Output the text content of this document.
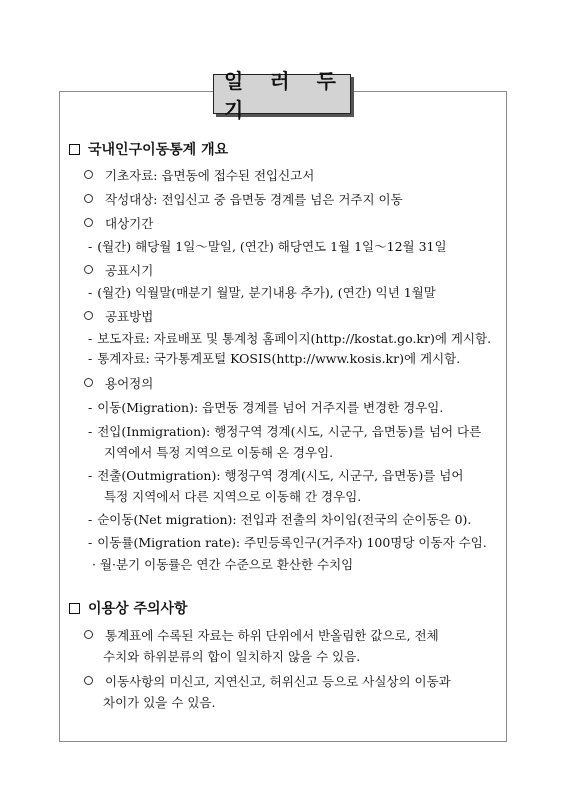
일 러 두 기
국내인구이동통계 개요
기초자료: 읍면동에 접수된 전입신고서
작성대상: 전입신고 중 읍면동 경계를 넘은 거주지 이동
대상기간
- (월간) 해당월 1일～말일, (연간) 해당연도 1월 1일～12월 31일
공표시기
- (월간) 익월말(매분기 월말, 분기내용 추가), (연간) 익년 1월말
공표방법
- 보도자료: 자료배포 및 통계청 홈페이지(http://kostat.go.kr)에 게시함.
- 통계자료: 국가통계포털 KOSIS(http://www.kosis.kr)에 게시함.
용어정의
- 이동(Migration): 읍면동 경계를 넘어 거주지를 변경한 경우임.
- 전입(Inmigration): 행정구역 경계(시도, 시군구, 읍면동)를 넘어 다른
지역에서 특정 지역으로 이동해 온 경우임.
- 전출(Outmigration): 행정구역 경계(시도, 시군구, 읍면동)를 넘어
특정 지역에서 다른 지역으로 이동해 간 경우임.
- 순이동(Net migration): 전입과 전출의 차이임(전국의 순이동은 0).
- 이동률(Migration rate): 주민등록인구(거주자) 100명당 이동자 수임.
· 월·분기 이동률은 연간 수준으로 환산한 수치임
이용상 주의사항
통계표에 수록된 자료는 하위 단위에서 반올림한 값으로, 전체
수치와 하위분류의 합이 일치하지 않을 수 있음.
이동사항의 미신고, 지연신고, 허위신고 등으로 사실상의 이동과
차이가 있을 수 있음.
